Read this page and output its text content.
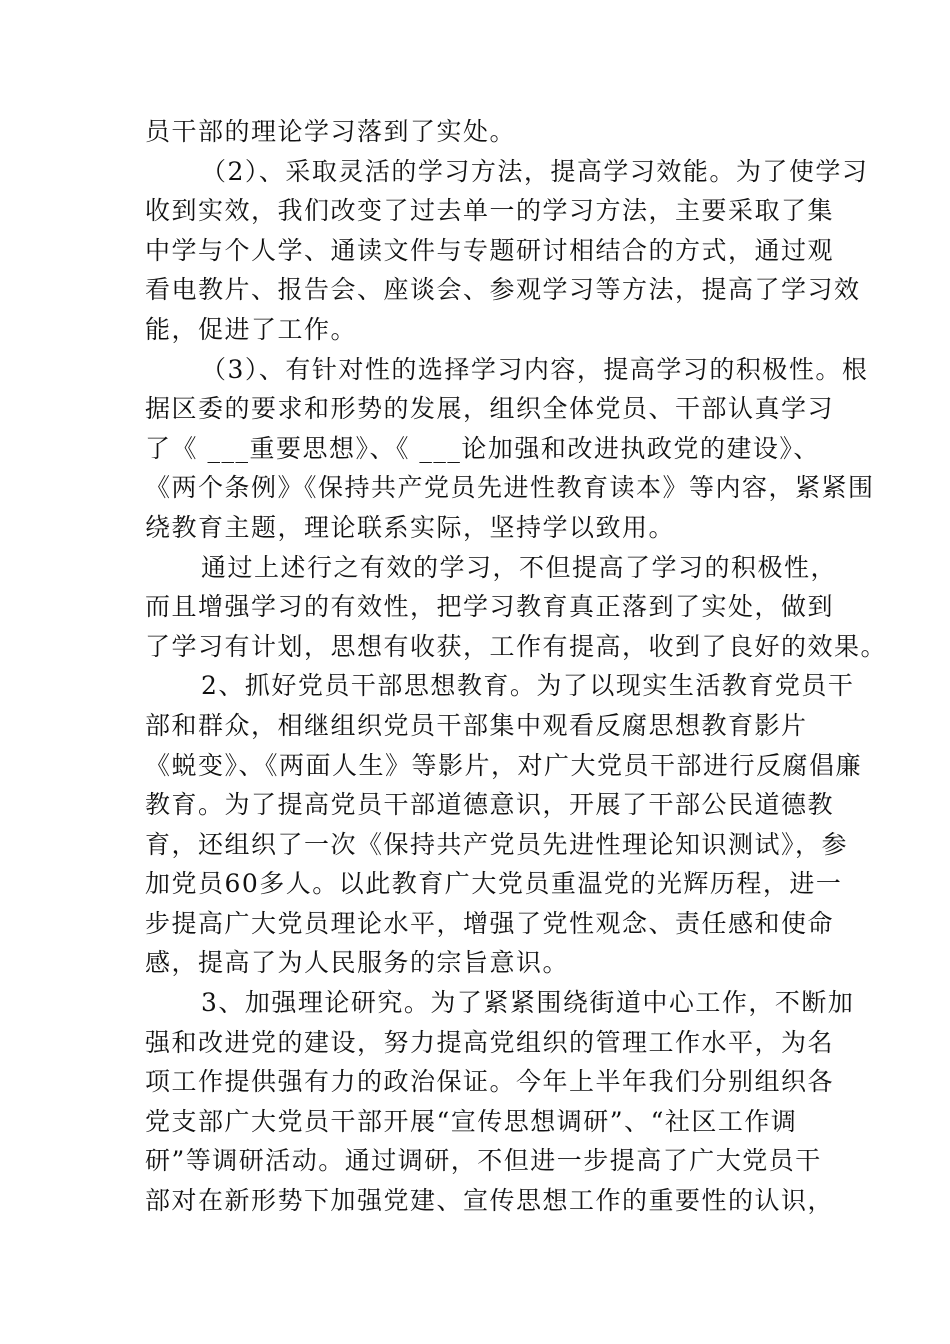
员干部的理论学习落到了实处。
（2）、采取灵活的学习方法，提高学习效能。为了使学习
收到实效，我们改变了过去单一的学习方法，主要采取了集
中学与个人学、通读文件与专题研讨相结合的方式，通过观
看电教片、报告会、座谈会、参观学习等方法，提高了学习效
能，促进了工作。
（3）、有针对性的选择学习内容，提高学习的积极性。根
据区委的要求和形势的发展，组织全体党员、干部认真学习
了《 ___重要思想》、《 ___论加强和改进执政党的建设》、
《两个条例》《保持共产党员先进性教育读本》等内容，紧紧围
绕教育主题，理论联系实际，坚持学以致用。
通过上述行之有效的学习，不但提高了学习的积极性，
而且增强学习的有效性，把学习教育真正落到了实处，做到
了学习有计划，思想有收获，工作有提高，收到了良好的效果。
2、抓好党员干部思想教育。为了以现实生活教育党员干
部和群众，相继组织党员干部集中观看反腐思想教育影片
《蜕变》、《两面人生》等影片，对广大党员干部进行反腐倡廉
教育。为了提高党员干部道德意识，开展了干部公民道德教
育，还组织了一次《保持共产党员先进性理论知识测试》，参
加党员60多人。以此教育广大党员重温党的光辉历程，进一
步提高广大党员理论水平，增强了党性观念、责任感和使命
感，提高了为人民服务的宗旨意识。
3、加强理论研究。为了紧紧围绕街道中心工作，不断加
强和改进党的建设，努力提高党组织的管理工作水平，为名
项工作提供强有力的政治保证。今年上半年我们分别组织各
党支部广大党员干部开展“宣传思想调研”、“社区工作调
研”等调研活动。通过调研，不但进一步提高了广大党员干
部对在新形势下加强党建、宣传思想工作的重要性的认识，
